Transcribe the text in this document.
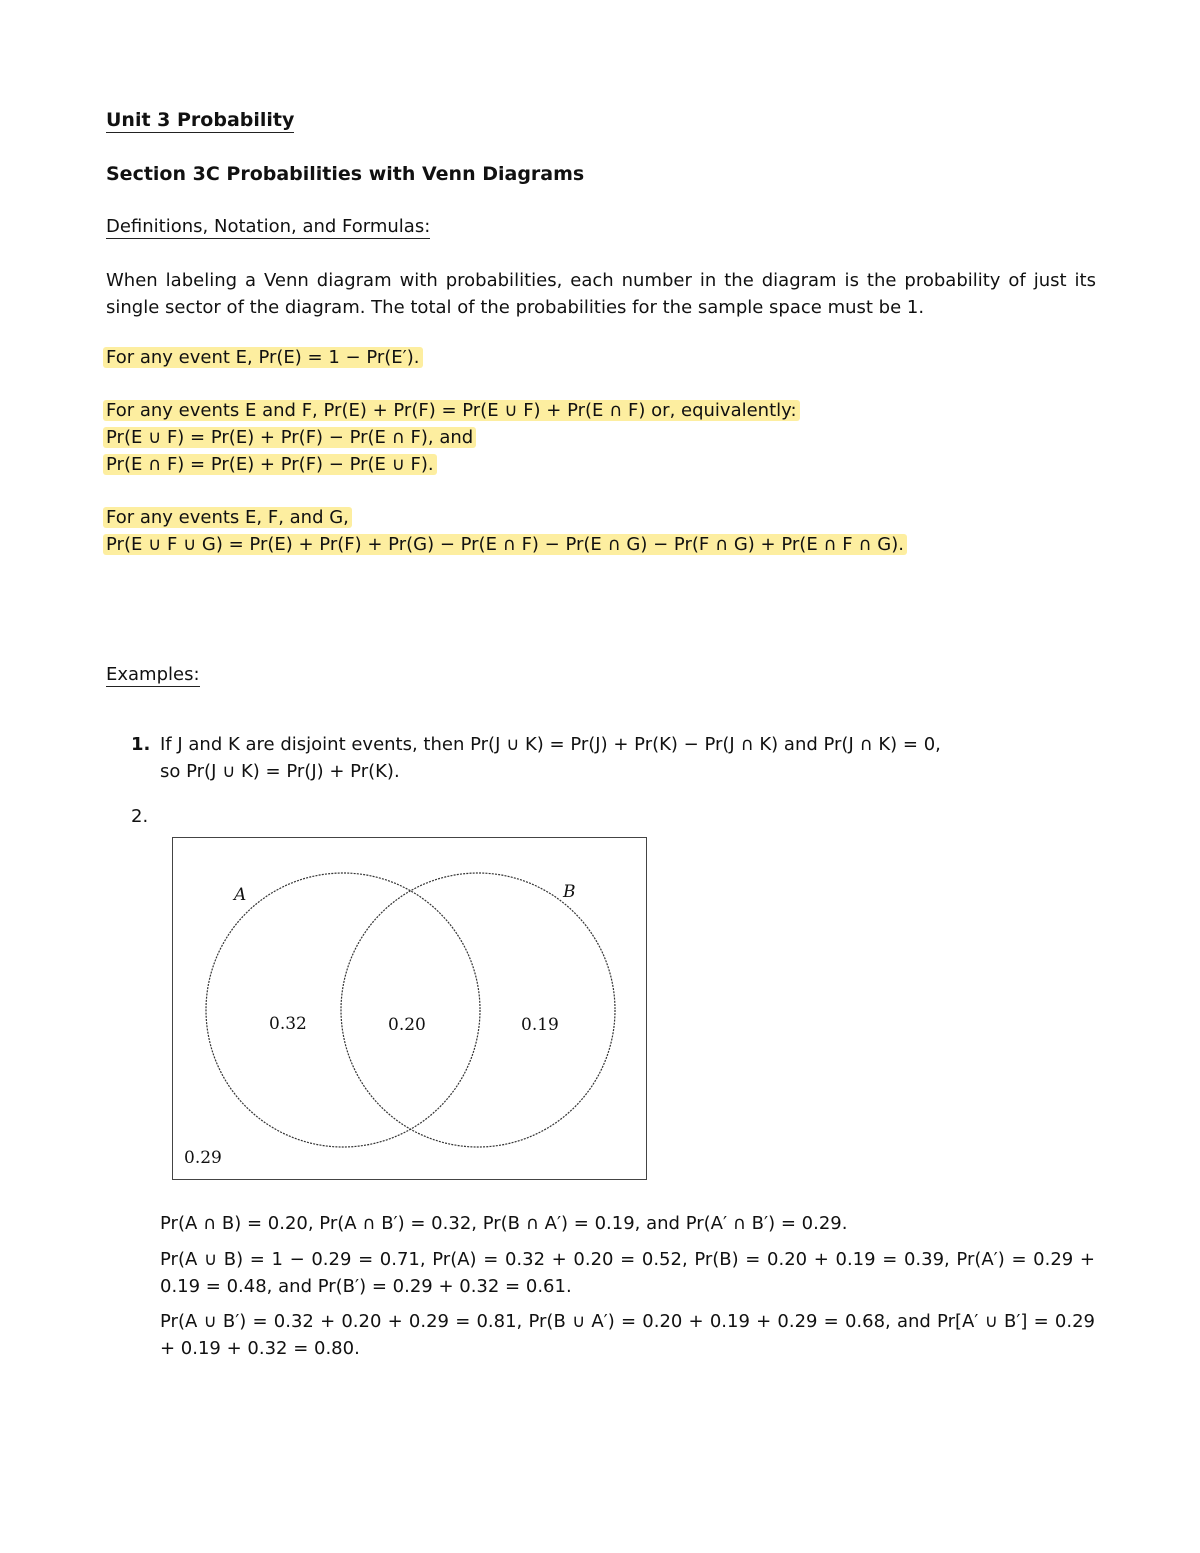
Unit 3 Probability
Section 3C Probabilities with Venn Diagrams
Definitions, Notation, and Formulas:
When labeling a Venn diagram with probabilities, each number in the diagram is the probability of just its single sector of the diagram. The total of the probabilities for the sample space must be 1.
For any event E, Pr(E) = 1 − Pr(E′).
For any events E and F, Pr(E) + Pr(F) = Pr(E ∪ F) + Pr(E ∩ F) or, equivalently:
Pr(E ∪ F) = Pr(E) + Pr(F) − Pr(E ∩ F), and
Pr(E ∩ F) = Pr(E) + Pr(F) − Pr(E ∪ F).
For any events E, F, and G,
Pr(E ∪ F ∪ G) = Pr(E) + Pr(F) + Pr(G) − Pr(E ∩ F) − Pr(E ∩ G) − Pr(F ∩ G) + Pr(E ∩ F ∩ G).
Examples:
1. If J and K are disjoint events, then Pr(J ∪ K) = Pr(J) + Pr(K) − Pr(J ∩ K) and Pr(J ∩ K) = 0,
so Pr(J ∪ K) = Pr(J) + Pr(K).
2.
A	B
0.32	0.20	0.19
0.29
Pr(A ∩ B) = 0.20, Pr(A ∩ B′) = 0.32, Pr(B ∩ A′) = 0.19, and Pr(A′ ∩ B′) = 0.29.
Pr(A ∪ B) = 1 − 0.29 = 0.71, Pr(A) = 0.32 + 0.20 = 0.52, Pr(B) = 0.20 + 0.19 = 0.39, Pr(A′) = 0.29 + 0.19 = 0.48, and Pr(B′) = 0.29 + 0.32 = 0.61.
Pr(A ∪ B′) = 0.32 + 0.20 + 0.29 = 0.81, Pr(B ∪ A′) = 0.20 + 0.19 + 0.29 = 0.68, and Pr[A′ ∪ B′] = 0.29 + 0.19 + 0.32 = 0.80.
